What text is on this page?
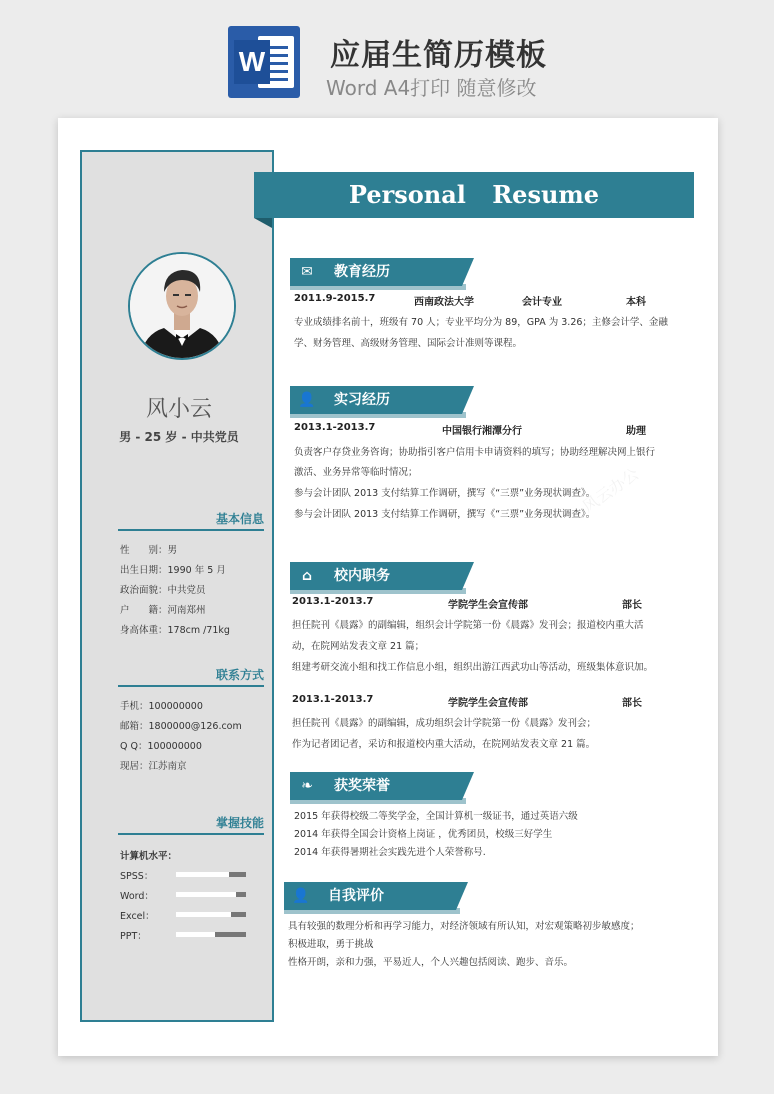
W 应届生简历模板
Word A4打印 随意修改
风云办公
风小云
男 - 25 岁 - 中共党员
基本信息
性　　别：男
出生日期：1990 年 5 月
政治面貌：中共党员
户　　籍：河南郑州
身高体重：178cm /71kg
联系方式
手机：100000000
邮箱：1800000@126.com
Q Q：100000000
现居：江苏南京
掌握技能
计算机水平：
SPSS：
Word：
Excel：
PPT：
Personal Resume
✉ 教育经历
2011.9-2015.7	西南政法大学	会计专业	本科
专业成绩排名前十，班级有 70 人；专业平均分为 89，GPA 为 3.26；主修会计学、金融
学、财务管理、高级财务管理、国际会计准则等课程。
👤 实习经历
2013.1-2013.7	中国银行湘潭分行	助理
负责客户存贷业务咨询；协助指引客户信用卡申请资料的填写；协助经理解决网上银行
激活、业务异常等临时情况；
参与会计团队 2013 支付结算工作调研，撰写《“三票”业务现状调查》。
参与会计团队 2013 支付结算工作调研，撰写《“三票”业务现状调查》。
⌂ 校内职务
2013.1-2013.7	学院学生会宣传部	部长
担任院刊《晨露》的副编辑，组织会计学院第一份《晨露》发刊会；报道校内重大活
动，在院网站发表文章 21 篇；
组建考研交流小组和找工作信息小组，组织出游江西武功山等活动，班级集体意识加。
2013.1-2013.7	学院学生会宣传部	部长
担任院刊《晨露》的副编辑，成功组织会计学院第一份《晨露》发刊会；
作为记者团记者，采访和报道校内重大活动，在院网站发表文章 21 篇。
❧ 获奖荣誉
2015 年获得校级二等奖学金，全国计算机一级证书，通过英语六级
2014 年获得全国会计资格上岗证 ，优秀团员，校级三好学生
2014 年获得暑期社会实践先进个人荣誉称号.
👤 自我评价
具有较强的数理分析和再学习能力，对经济领域有所认知，对宏观策略初步敏感度；
积极进取，勇于挑战
性格开朗，亲和力强，平易近人，个人兴趣包括阅读、跑步、音乐。
